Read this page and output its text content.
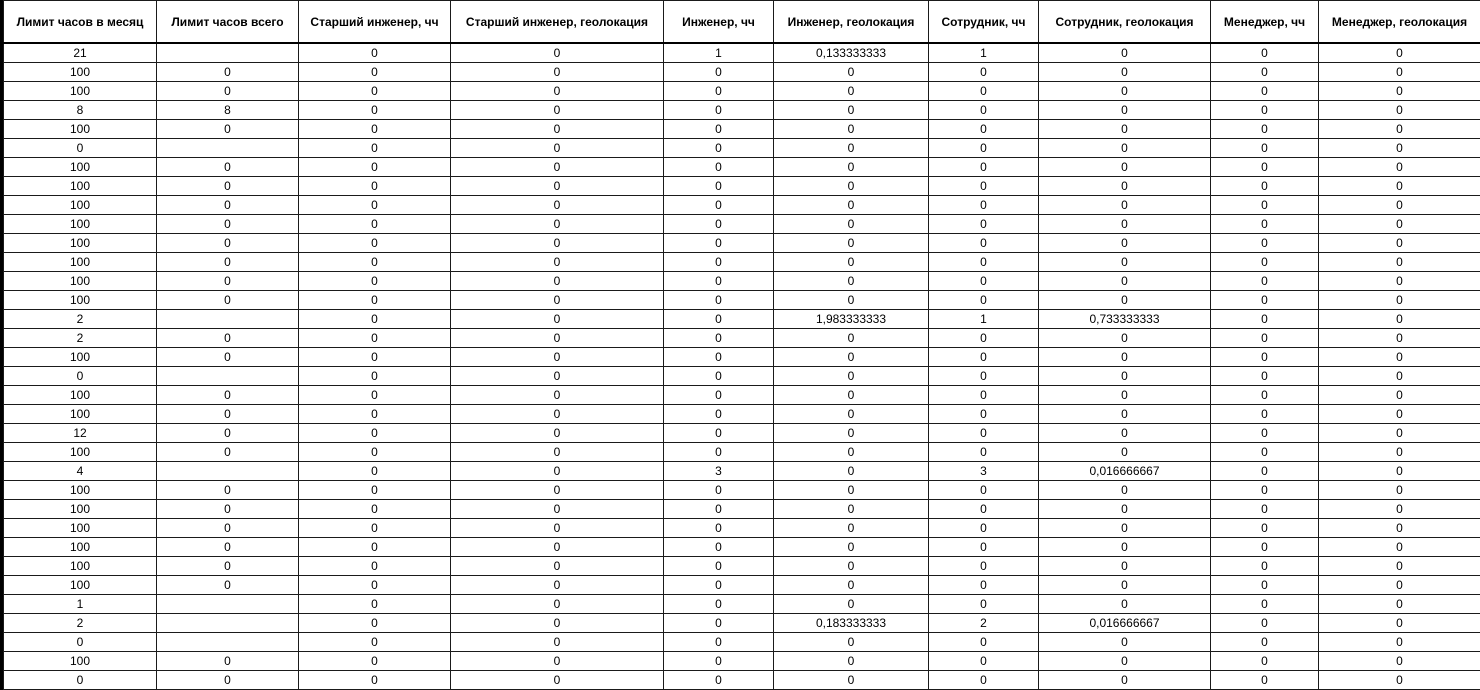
Лимит часов в месяц	Лимит часов всего	Старший инженер, чч	Старший инженер, геолокация	Инженер, чч	Инженер, геолокация	Сотрудник, чч	Сотрудник, геолокация	Менеджер, чч	Менеджер, геолокация
21		0	0	1	0,133333333	1	0	0	0
100	0	0	0	0	0	0	0	0	0
100	0	0	0	0	0	0	0	0	0
8	8	0	0	0	0	0	0	0	0
100	0	0	0	0	0	0	0	0	0
0		0	0	0	0	0	0	0	0
100	0	0	0	0	0	0	0	0	0
100	0	0	0	0	0	0	0	0	0
100	0	0	0	0	0	0	0	0	0
100	0	0	0	0	0	0	0	0	0
100	0	0	0	0	0	0	0	0	0
100	0	0	0	0	0	0	0	0	0
100	0	0	0	0	0	0	0	0	0
100	0	0	0	0	0	0	0	0	0
2		0	0	0	1,983333333	1	0,733333333	0	0
2	0	0	0	0	0	0	0	0	0
100	0	0	0	0	0	0	0	0	0
0		0	0	0	0	0	0	0	0
100	0	0	0	0	0	0	0	0	0
100	0	0	0	0	0	0	0	0	0
12	0	0	0	0	0	0	0	0	0
100	0	0	0	0	0	0	0	0	0
4		0	0	3	0	3	0,016666667	0	0
100	0	0	0	0	0	0	0	0	0
100	0	0	0	0	0	0	0	0	0
100	0	0	0	0	0	0	0	0	0
100	0	0	0	0	0	0	0	0	0
100	0	0	0	0	0	0	0	0	0
100	0	0	0	0	0	0	0	0	0
1		0	0	0	0	0	0	0	0
2		0	0	0	0,183333333	2	0,016666667	0	0
0		0	0	0	0	0	0	0	0
100	0	0	0	0	0	0	0	0	0
0	0	0	0	0	0	0	0	0	0
